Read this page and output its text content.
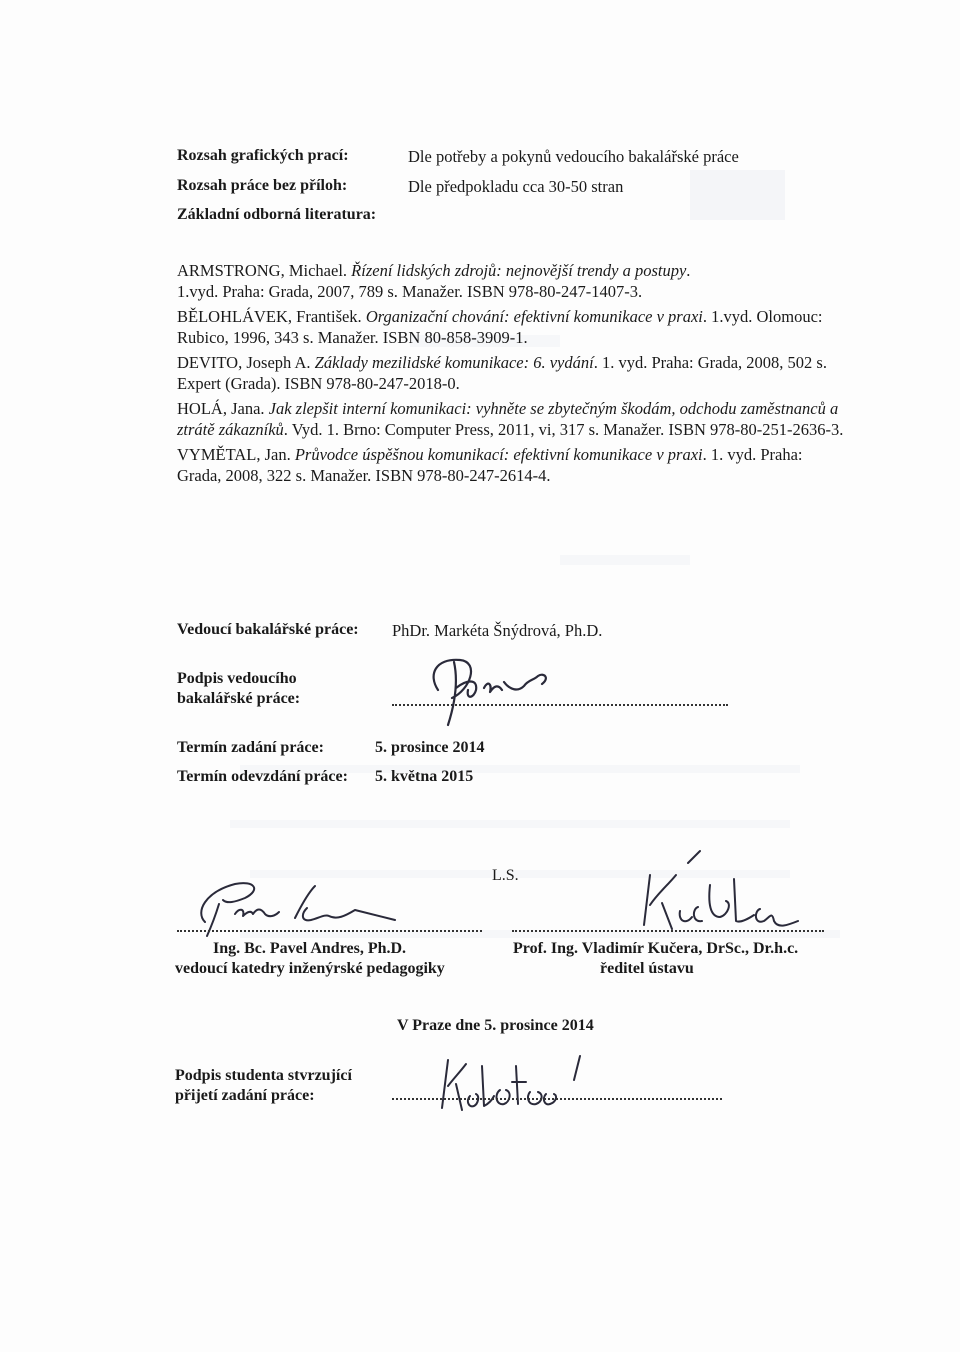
Rozsah grafických prací:	Dle potřeby a pokynů vedoucího bakalářské práce
Rozsah práce bez příloh:	Dle předpokladu cca 30-50 stran
Základní odborná literatura:

ARMSTRONG, Michael. Řízení lidských zdrojů: nejnovější trendy a postupy. 1.vyd. Praha: Grada, 2007, 789 s. Manažer. ISBN 978-80-247-1407-3.

BĚLOHLÁVEK, František. Organizační chování: efektivní komunikace v praxi. 1.vyd. Olomouc: Rubico, 1996, 343 s. Manažer. ISBN 80-858-3909-1.

DEVITO, Joseph A. Základy mezilidské komunikace: 6. vydání. 1. vyd. Praha: Grada, 2008, 502 s. Expert (Grada). ISBN 978-80-247-2018-0.

HOLÁ, Jana. Jak zlepšit interní komunikaci: vyhněte se zbytečným škodám, odchodu zaměstnanců a ztrátě zákazníků. Vyd. 1. Brno: Computer Press, 2011, vi, 317 s. Manažer. ISBN 978-80-251-2636-3.

VYMĚTAL, Jan. Průvodce úspěšnou komunikací: efektivní komunikace v praxi. 1. vyd. Praha: Grada, 2008, 322 s. Manažer. ISBN 978-80-247-2614-4.

Vedoucí bakalářské práce: PhDr. Markéta Šnýdrová, Ph.D.
Podpis vedoucího
bakalářské práce:
Termín zadání práce:	5. prosince 2014
Termín odevzdání práce: 5. května 2015
L.S.
Ing. Bc. Pavel Andres, Ph.D.
vedoucí katedry inženýrské pedagogiky
Prof. Ing. Vladimír Kučera, DrSc., Dr.h.c.
ředitel ústavu
V Praze dne 5. prosince 2014
Podpis studenta stvrzující
přijetí zadání práce:
